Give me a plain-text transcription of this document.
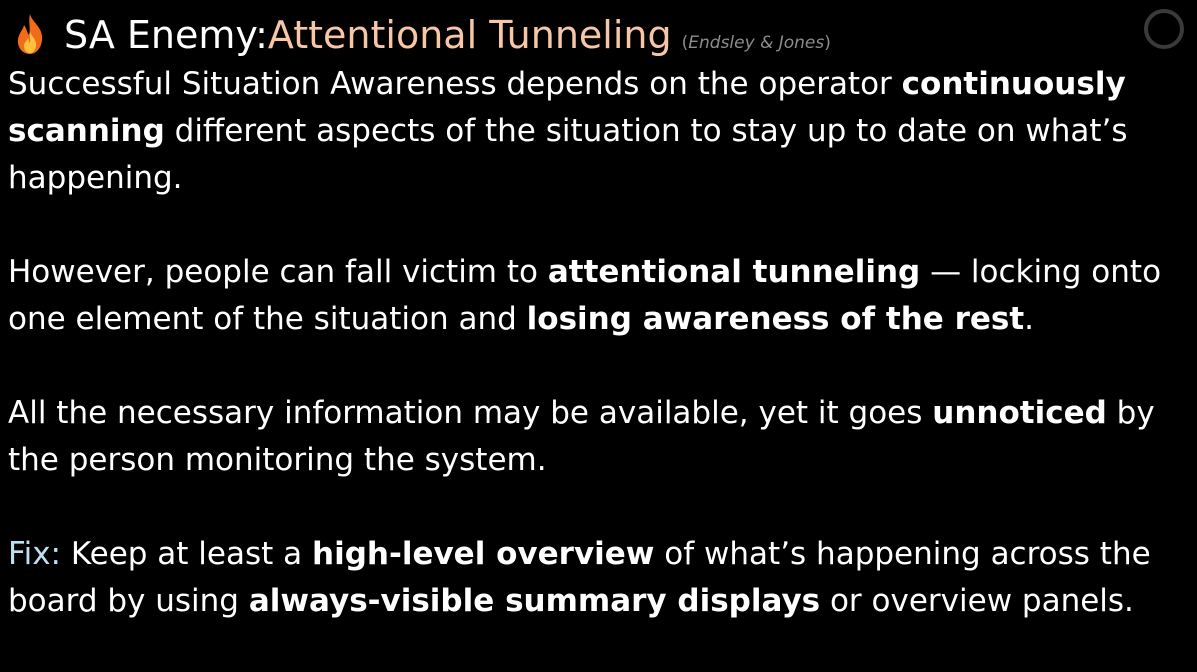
SA Enemy: Attentional Tunneling (Endsley & Jones)

Successful Situation Awareness depends on the operator continuously scanning different aspects of the situation to stay up to date on what’s happening.

However, people can fall victim to attentional tunneling — locking onto one element of the situation and losing awareness of the rest.

All the necessary information may be available, yet it goes unnoticed by the person monitoring the system.

Fix: Keep at least a high-level overview of what’s happening across the board by using always-visible summary displays or overview panels.
